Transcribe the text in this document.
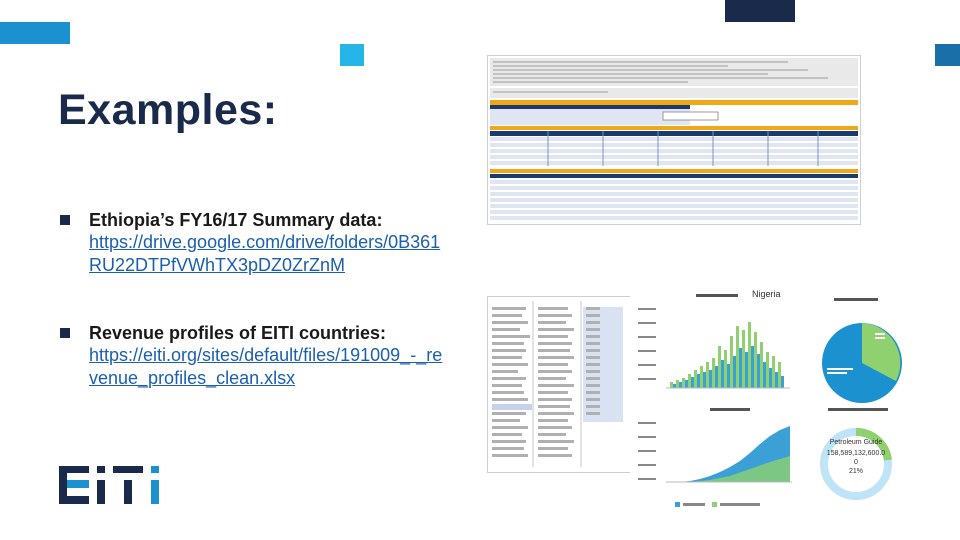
Examples:
Ethiopia’s FY16/17 Summary data:
https://drive.google.com/drive/folders/0B361RU22DTPfVWhTX3pDZ0ZrZnM
Revenue profiles of EITI countries:
https://eiti.org/sites/default/files/191009_-_revenue_profiles_clean.xlsx
Nigeria
Petroleum Guide
158,589,132,600.0
0
21%
